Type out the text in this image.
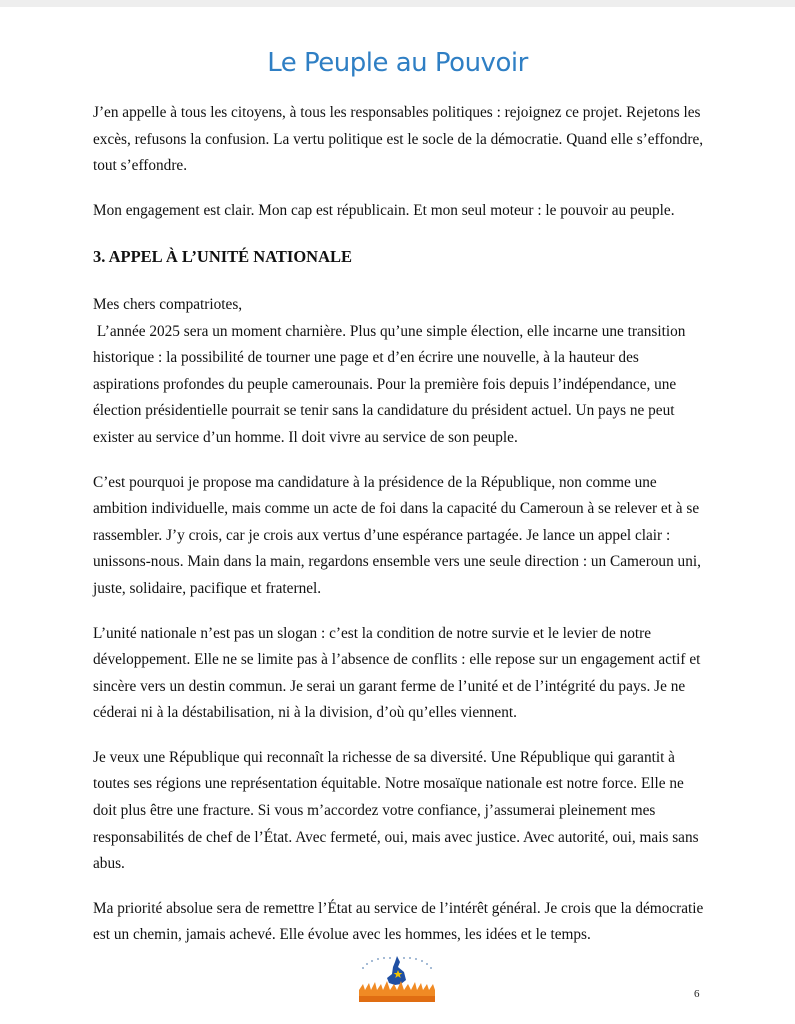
Le Peuple au Pouvoir

J’en appelle à tous les citoyens, à tous les responsables politiques : rejoignez ce projet. Rejetons les excès, refusons la confusion. La vertu politique est le socle de la démocratie. Quand elle s’effondre, tout s’effondre.

Mon engagement est clair. Mon cap est républicain. Et mon seul moteur : le pouvoir au peuple.

3. APPEL À L’UNITÉ NATIONALE

Mes chers compatriotes,

L’année 2025 sera un moment charnière. Plus qu’une simple élection, elle incarne une transition historique : la possibilité de tourner une page et d’en écrire une nouvelle, à la hauteur des aspirations profondes du peuple camerounais. Pour la première fois depuis l’indépendance, une élection présidentielle pourrait se tenir sans la candidature du président actuel. Un pays ne peut exister au service d’un homme. Il doit vivre au service de son peuple.

C’est pourquoi je propose ma candidature à la présidence de la République, non comme une ambition individuelle, mais comme un acte de foi dans la capacité du Cameroun à se relever et à se rassembler. J’y crois, car je crois aux vertus d’une espérance partagée. Je lance un appel clair : unissons-nous. Main dans la main, regardons ensemble vers une seule direction : un Cameroun uni, juste, solidaire, pacifique et fraternel.

L’unité nationale n’est pas un slogan : c’est la condition de notre survie et le levier de notre développement. Elle ne se limite pas à l’absence de conflits : elle repose sur un engagement actif et sincère vers un destin commun. Je serai un garant ferme de l’unité et de l’intégrité du pays. Je ne céderai ni à la déstabilisation, ni à la division, d’où qu’elles viennent.

Je veux une République qui reconnaît la richesse de sa diversité. Une République qui garantit à toutes ses régions une représentation équitable. Notre mosaïque nationale est notre force. Elle ne doit plus être une fracture. Si vous m’accordez votre confiance, j’assumerai pleinement mes responsabilités de chef de l’État. Avec fermeté, oui, mais avec justice. Avec autorité, oui, mais sans abus.

Ma priorité absolue sera de remettre l’État au service de l’intérêt général. Je crois que la démocratie est un chemin, jamais achevé. Elle évolue avec les hommes, les idées et le temps.

6
